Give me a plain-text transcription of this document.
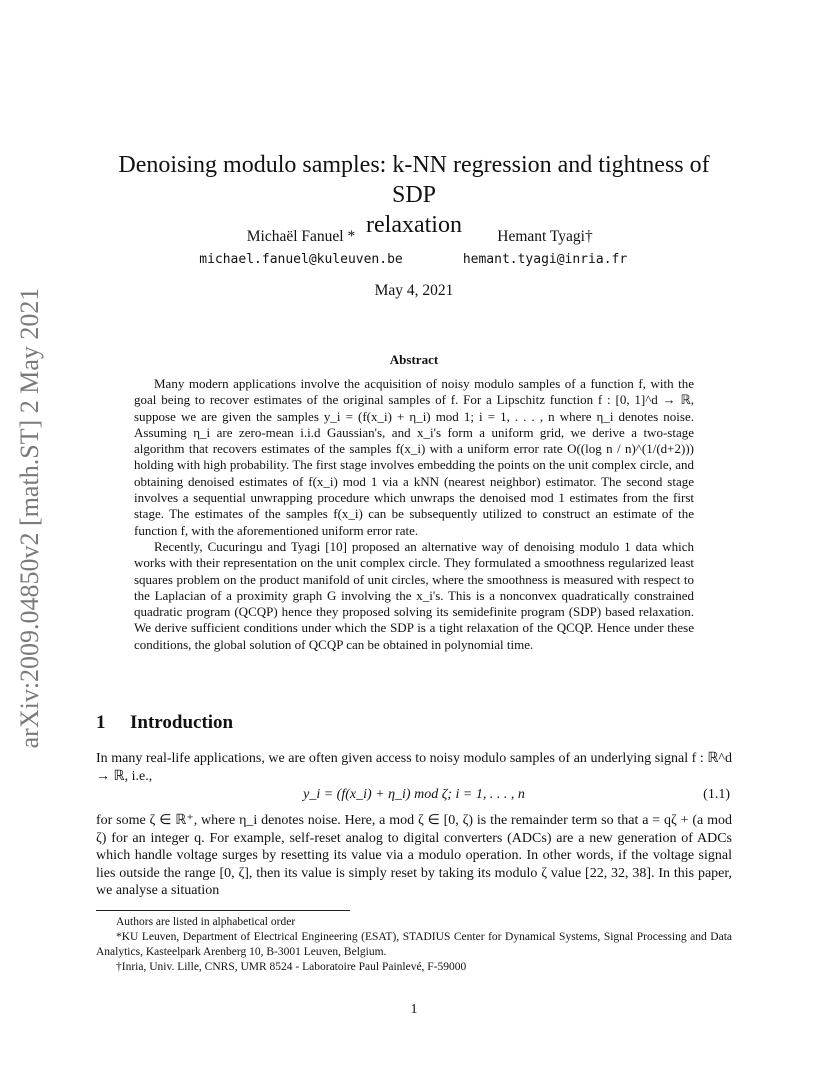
arXiv:2009.04850v2 [math.ST] 2 May 2021
Denoising modulo samples: k-NN regression and tightness of SDP
relaxation
Michaël Fanuel *
michael.fanuel@kuleuven.be
Hemant Tyagi†
hemant.tyagi@inria.fr
May 4, 2021
Abstract

Many modern applications involve the acquisition of noisy modulo samples of a function f, with the goal being to recover estimates of the original samples of f. For a Lipschitz function f : [0, 1]^d → ℝ, suppose we are given the samples y_i = (f(x_i) + η_i) mod 1; i = 1, . . . , n where η_i denotes noise. Assuming η_i are zero-mean i.i.d Gaussian's, and x_i's form a uniform grid, we derive a two-stage algorithm that recovers estimates of the samples f(x_i) with a uniform error rate O((log n / n)^(1/(d+2))) holding with high probability. The first stage involves embedding the points on the unit complex circle, and obtaining denoised estimates of f(x_i) mod 1 via a kNN (nearest neighbor) estimator. The second stage involves a sequential unwrapping procedure which unwraps the denoised mod 1 estimates from the first stage. The estimates of the samples f(x_i) can be subsequently utilized to construct an estimate of the function f, with the aforementioned uniform error rate.

Recently, Cucuringu and Tyagi [10] proposed an alternative way of denoising modulo 1 data which works with their representation on the unit complex circle. They formulated a smoothness regularized least squares problem on the product manifold of unit circles, where the smoothness is measured with respect to the Laplacian of a proximity graph G involving the x_i's. This is a nonconvex quadratically constrained quadratic program (QCQP) hence they proposed solving its semidefinite program (SDP) based relaxation. We derive sufficient conditions under which the SDP is a tight relaxation of the QCQP. Hence under these conditions, the global solution of QCQP can be obtained in polynomial time.

1 Introduction

In many real-life applications, we are often given access to noisy modulo samples of an underlying signal f : ℝ^d → ℝ, i.e.,

y_i = (f(x_i) + η_i) mod ζ; i = 1, . . . , n	(1.1)

for some ζ ∈ ℝ⁺, where η_i denotes noise. Here, a mod ζ ∈ [0, ζ) is the remainder term so that a = qζ + (a mod ζ) for an integer q. For example, self-reset analog to digital converters (ADCs) are a new generation of ADCs which handle voltage surges by resetting its value via a modulo operation. In other words, if the voltage signal lies outside the range [0, ζ], then its value is simply reset by taking its modulo ζ value [22, 32, 38]. In this paper, we analyse a situation

Authors are listed in alphabetical order

*KU Leuven, Department of Electrical Engineering (ESAT), STADIUS Center for Dynamical Systems, Signal Processing and Data Analytics, Kasteelpark Arenberg 10, B-3001 Leuven, Belgium.

†Inria, Univ. Lille, CNRS, UMR 8524 - Laboratoire Paul Painlevé, F-59000

1
